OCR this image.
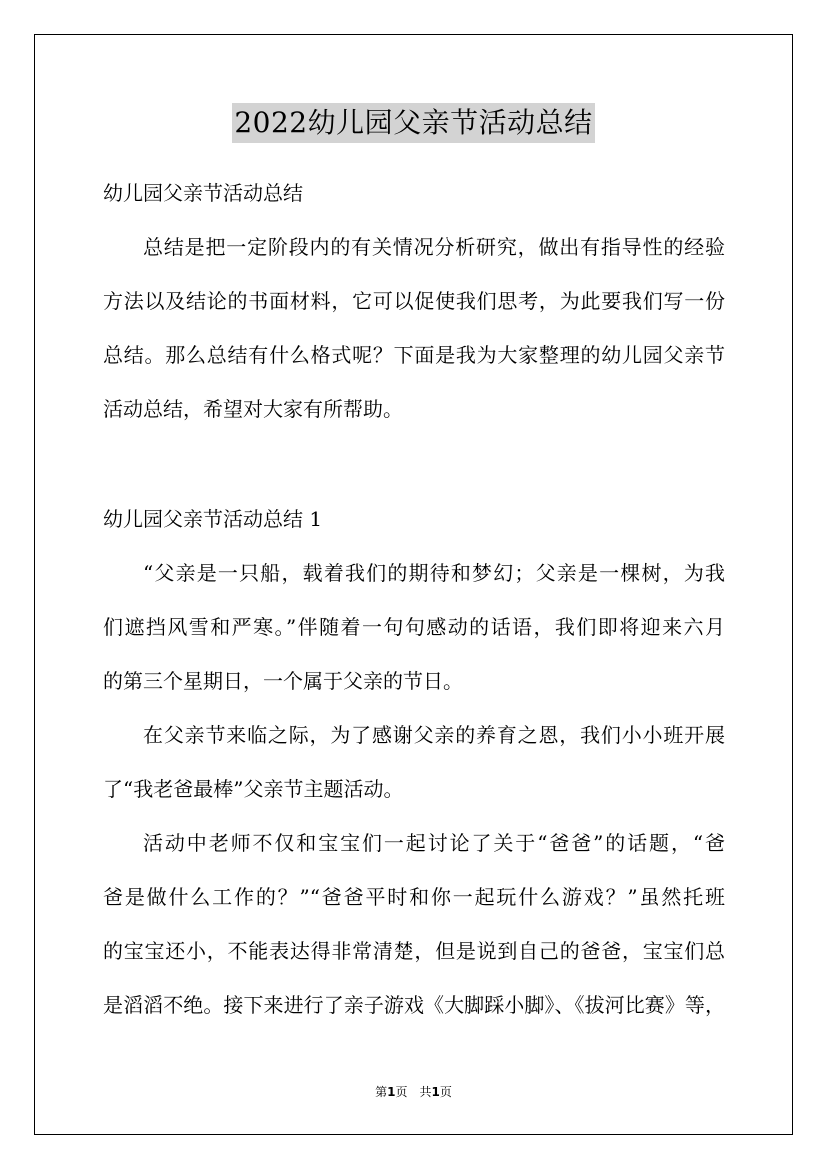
2022幼儿园父亲节活动总结
幼儿园父亲节活动总结
总结是把一定阶段内的有关情况分析研究，做出有指导性的经验
方法以及结论的书面材料，它可以促使我们思考，为此要我们写一份
总结。那么总结有什么格式呢？下面是我为大家整理的幼儿园父亲节
活动总结，希望对大家有所帮助。
幼儿园父亲节活动总结 1
“父亲是一只船，载着我们的期待和梦幻；父亲是一棵树，为我
们遮挡风雪和严寒。”伴随着一句句感动的话语，我们即将迎来六月
的第三个星期日，一个属于父亲的节日。
在父亲节来临之际，为了感谢父亲的养育之恩，我们小小班开展
了“我老爸最棒”父亲节主题活动。
活动中老师不仅和宝宝们一起讨论了关于“爸爸”的话题，“爸
爸是做什么工作的？”“爸爸平时和你一起玩什么游戏？”虽然托班
的宝宝还小，不能表达得非常清楚，但是说到自己的爸爸，宝宝们总
是滔滔不绝。接下来进行了亲子游戏《大脚踩小脚》、《拔河比赛》等，
第1页　共1页
